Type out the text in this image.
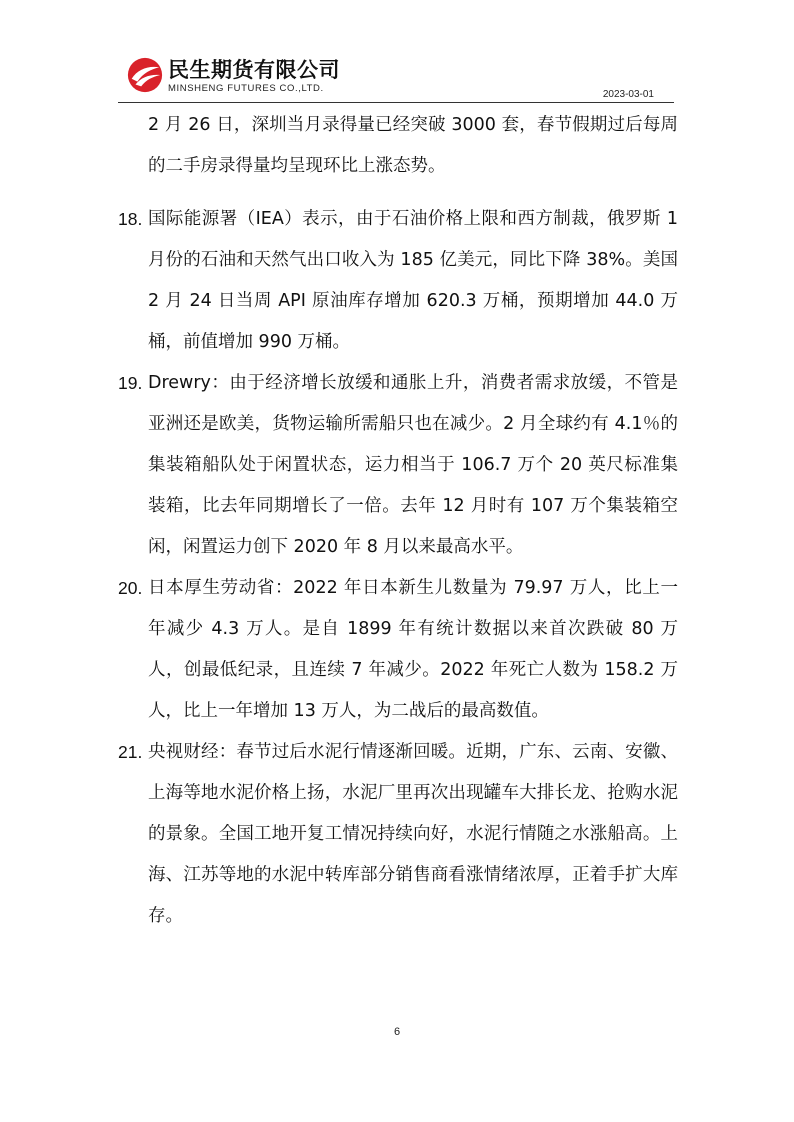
民生期货有限公司
MINSHENG FUTURES CO.,LTD.
2023-03-01

2 月 26 日，深圳当月录得量已经突破 3000 套，春节假期过后每周的二手房录得量均呈现环比上涨态势。

18. 国际能源署（IEA）表示，由于石油价格上限和西方制裁，俄罗斯 1 月份的石油和天然气出口收入为 185 亿美元，同比下降 38%。美国 2 月 24 日当周 API 原油库存增加 620.3 万桶，预期增加 44.0 万桶，前值增加 990 万桶。
19. Drewry：由于经济增长放缓和通胀上升，消费者需求放缓，不管是亚洲还是欧美，货物运输所需船只也在减少。2 月全球约有 4.1％的集装箱船队处于闲置状态，运力相当于 106.7 万个 20 英尺标准集装箱，比去年同期增长了一倍。去年 12 月时有 107 万个集装箱空闲，闲置运力创下 2020 年 8 月以来最高水平。
20. 日本厚生劳动省：2022 年日本新生儿数量为 79.97 万人，比上一年减少 4.3 万人。是自 1899 年有统计数据以来首次跌破 80 万人，创最低纪录，且连续 7 年减少。2022 年死亡人数为 158.2 万人，比上一年增加 13 万人，为二战后的最高数值。
21. 央视财经：春节过后水泥行情逐渐回暖。近期，广东、云南、安徽、上海等地水泥价格上扬，水泥厂里再次出现罐车大排长龙、抢购水泥的景象。全国工地开复工情况持续向好，水泥行情随之水涨船高。上海、江苏等地的水泥中转库部分销售商看涨情绪浓厚，正着手扩大库存。
6
